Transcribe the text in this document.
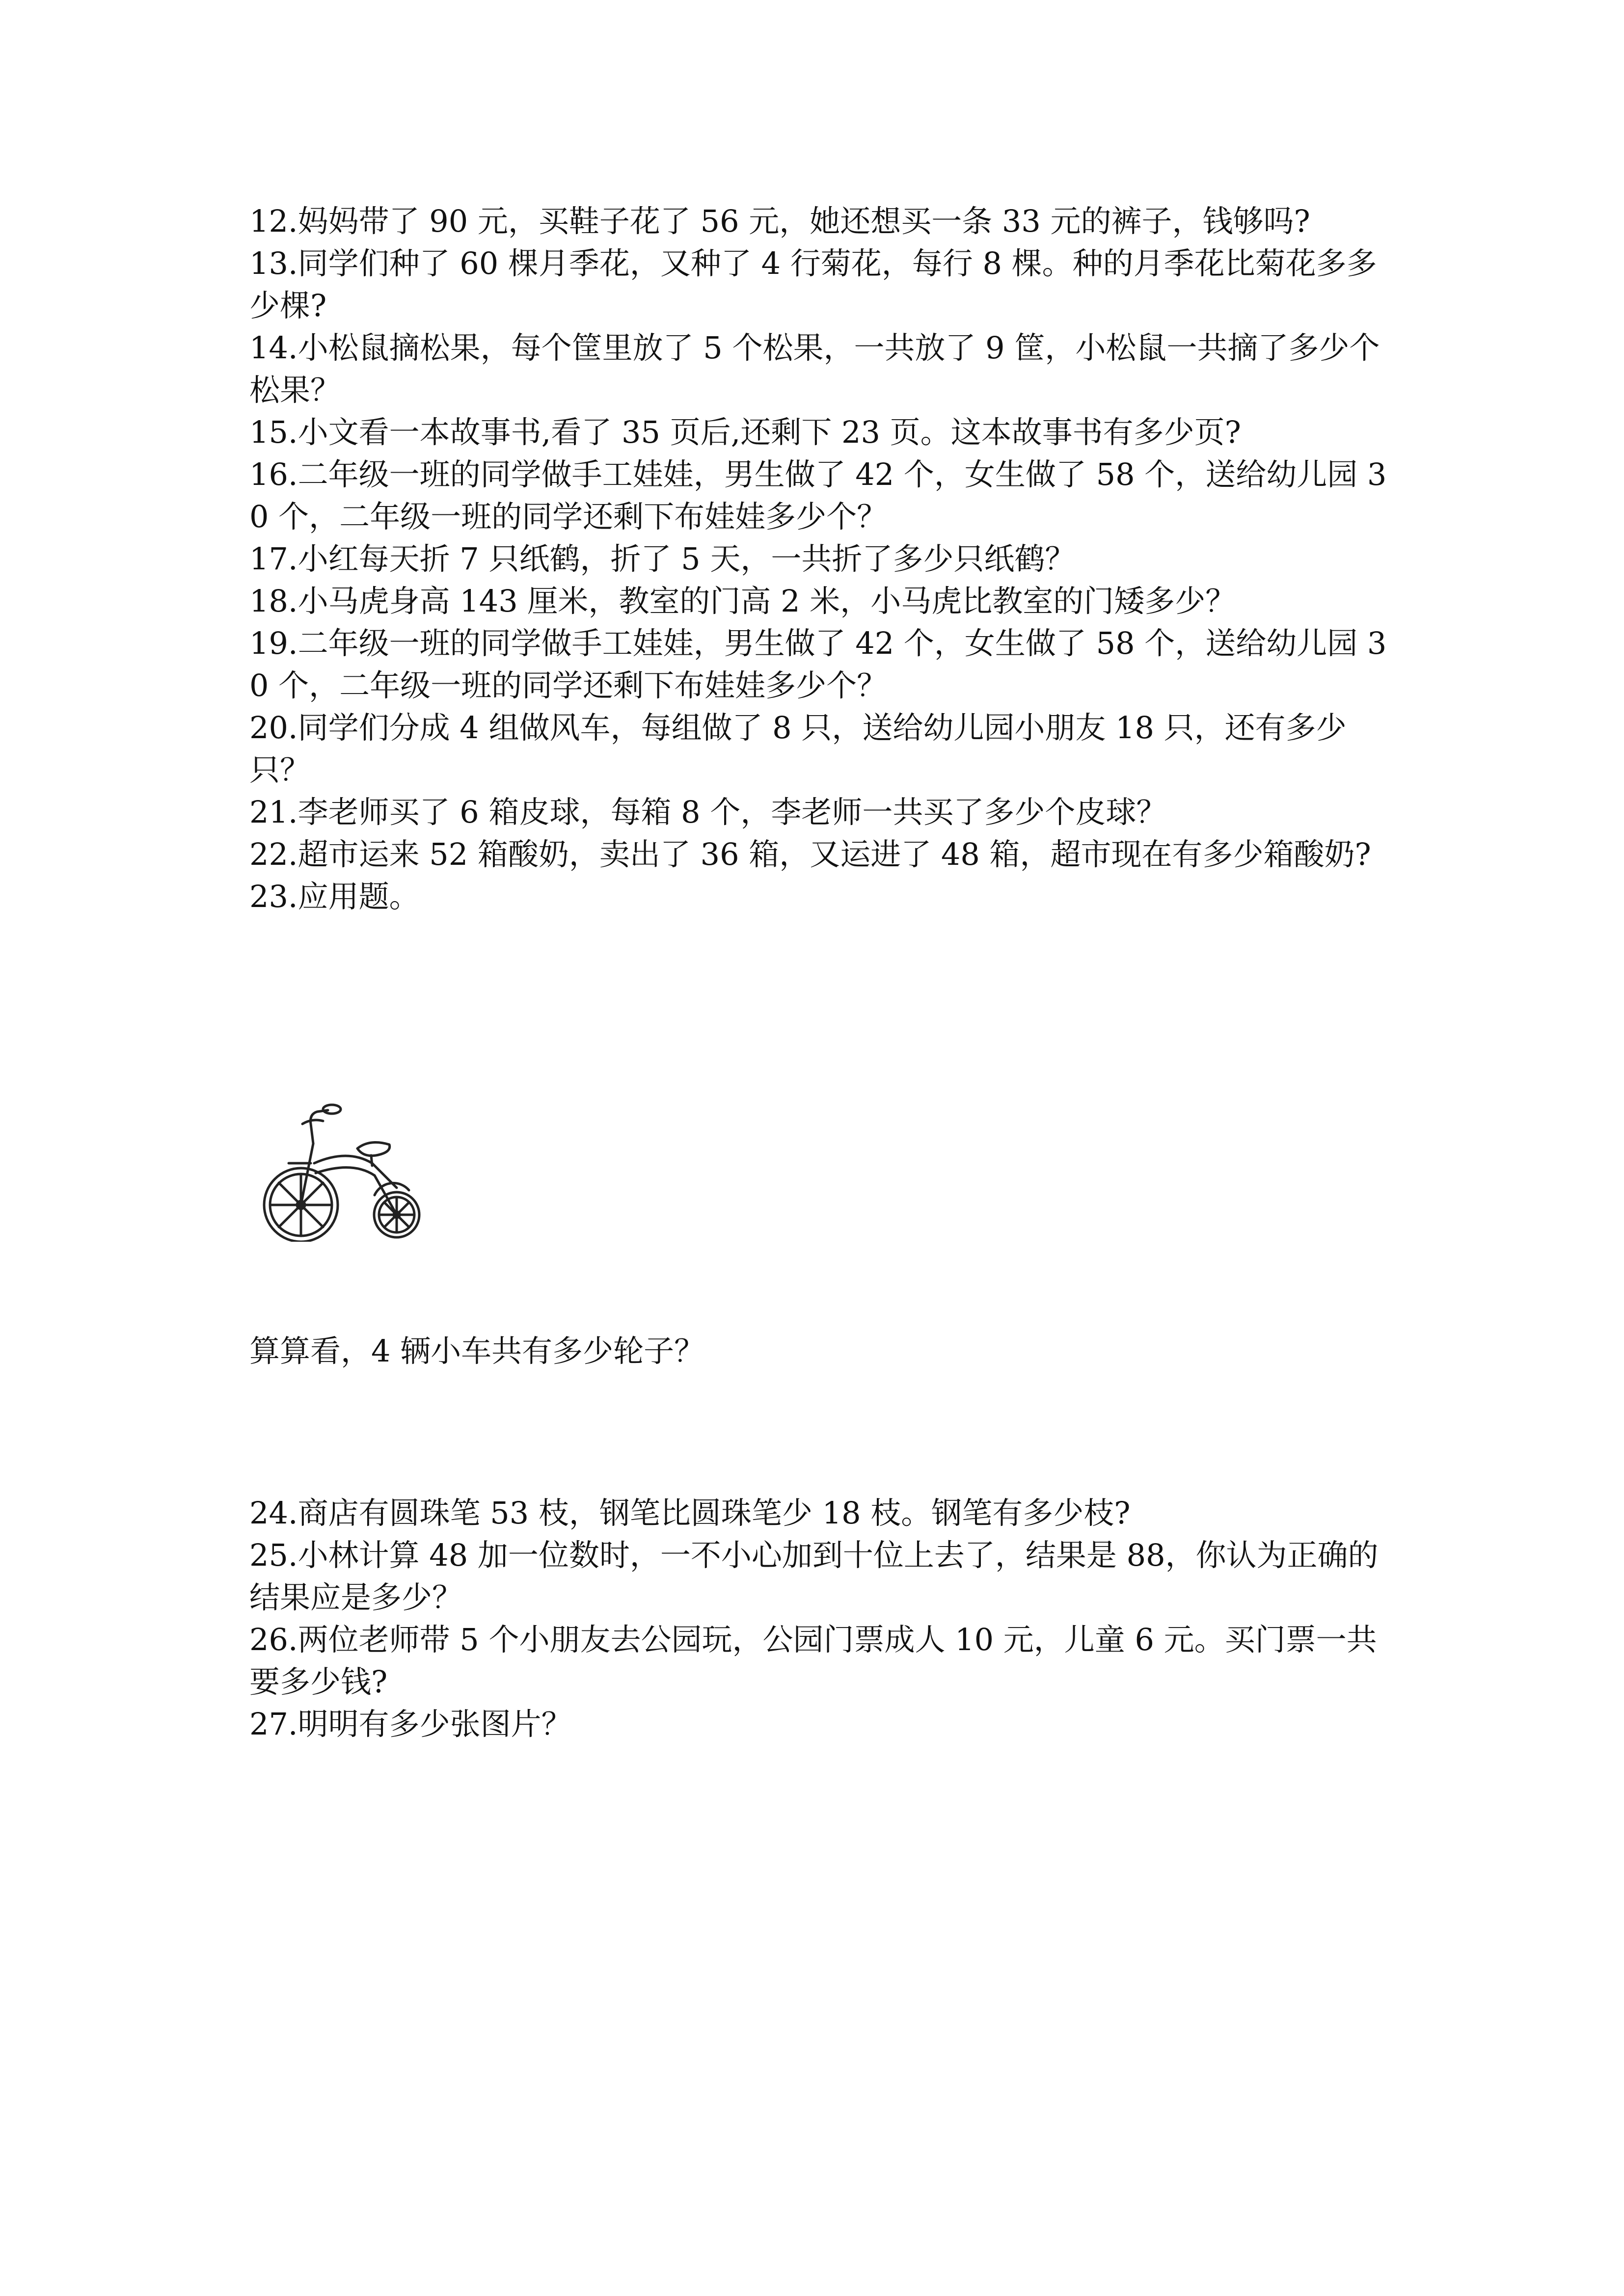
12.妈妈带了 90 元，买鞋子花了 56 元，她还想买一条 33 元的裤子，钱够吗?

13.同学们种了 60 棵月季花，又种了 4 行菊花，每行 8 棵。种的月季花比菊花多多少棵?

14.小松鼠摘松果，每个筐里放了 5 个松果，一共放了 9 筐，小松鼠一共摘了多少个松果？

15.小文看一本故事书,看了 35 页后,还剩下 23 页。这本故事书有多少页?

16.二年级一班的同学做手工娃娃，男生做了 42 个，女生做了 58 个，送给幼儿园 30 个，二年级一班的同学还剩下布娃娃多少个？

17.小红每天折 7 只纸鹤，折了 5 天，一共折了多少只纸鹤？

18.小马虎身高 143 厘米，教室的门高 2 米，小马虎比教室的门矮多少？

19.二年级一班的同学做手工娃娃，男生做了 42 个，女生做了 58 个，送给幼儿园 30 个，二年级一班的同学还剩下布娃娃多少个？

20.同学们分成 4 组做风车，每组做了 8 只，送给幼儿园小朋友 18 只，还有多少只？

21.李老师买了 6 箱皮球，每箱 8 个，李老师一共买了多少个皮球？

22.超市运来 52 箱酸奶，卖出了 36 箱，又运进了 48 箱，超市现在有多少箱酸奶?

23.应用题。

算算看，4 辆小车共有多少轮子？

24.商店有圆珠笔 53 枝，钢笔比圆珠笔少 18 枝。钢笔有多少枝?

25.小林计算 48 加一位数时，一不小心加到十位上去了，结果是 88，你认为正确的结果应是多少？

26.两位老师带 5 个小朋友去公园玩，公园门票成人 10 元，儿童 6 元。买门票一共要多少钱?

27.明明有多少张图片？
